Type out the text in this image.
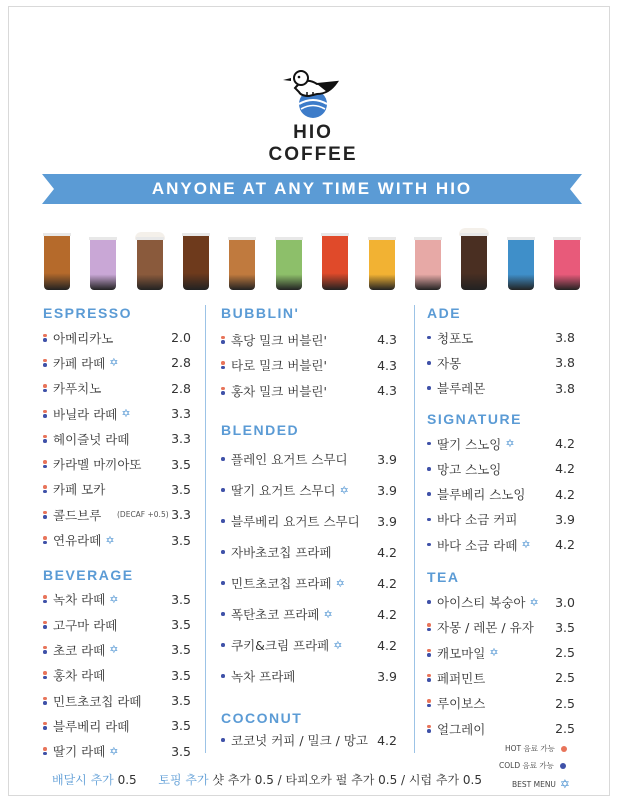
HIO COFFEE
ANYONE AT ANY TIME WITH HIO
ESPRESSO
아메리카노	2.0
카페 라떼 ✡	2.8
카푸치노	2.8
바닐라 라떼 ✡	3.3
헤이즐넛 라떼	3.3
카라멜 마끼아또 3.5
카페 모카	3.5
콜드브루 (DECAF +0.5) 3.3
연유라떼 ✡	3.5
BEVERAGE
녹차 라떼 ✡	3.5
고구마 라떼	3.5
초코 라떼 ✡	3.5
홍차 라떼	3.5
민트초코칩 라떼 3.5
블루베리 라떼	3.5
딸기 라떼 ✡	3.5
BUBBLIN'
흑당 밀크 버블린'	4.3
타로 밀크 버블린'	4.3
홍차 밀크 버블린'	4.3
BLENDED
플레인 요거트 스무디 3.9
딸기 요거트 스무디 ✡ 3.9
블루베리 요거트 스무디 3.9
자바초코칩 프라페	4.2
민트초코칩 프라페 ✡	4.2
폭탄초코 프라페 ✡	4.2
쿠키&크림 프라페 ✡	4.2
녹차 프라페	3.9
COCONUT
코코넛 커피 / 밀크 / 망고 4.2
ADE
청포도	3.8
자몽	3.8
블루레몬	3.8
SIGNATURE
딸기 스노잉 ✡	4.2
망고 스노잉	4.2
블루베리 스노잉 4.2
바다 소금 커피	3.9
바다 소금 라떼 ✡ 4.2
TEA
아이스티 복숭아 ✡ 3.0
자몽 / 레몬 / 유자 3.5
캐모마일 ✡	2.5
페퍼민트	2.5
루이보스	2.5
얼그레이	2.5
HOT 음료 가능
COLD 음료 가능
BEST MENU ✡
배달시 추가 0.5 토핑 추가 샷 추가 0.5 / 타피오카 펄 추가 0.5 / 시럽 추가 0.5
